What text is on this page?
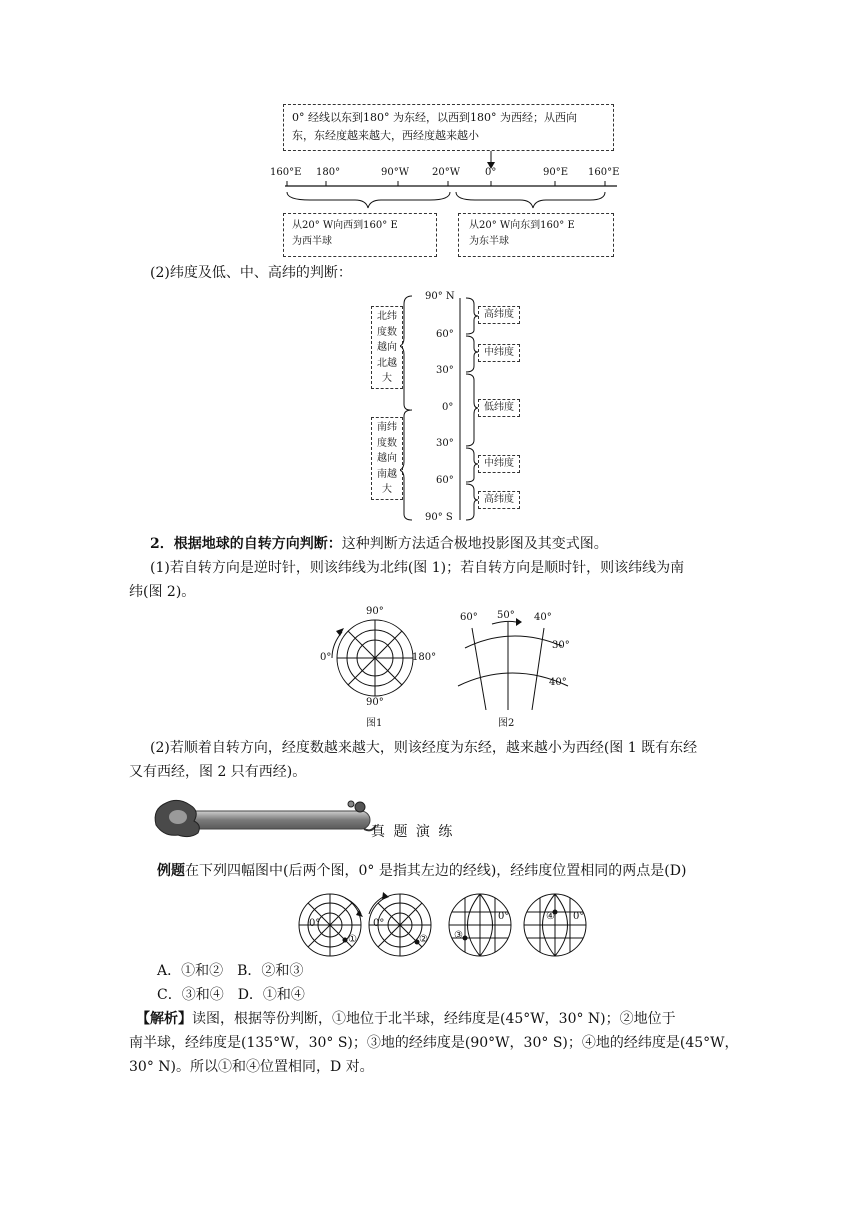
0° 经线以东到180° 为东经，以西到180° 为西经；从西向
东，东经度越来越大，西经度越来越小
160°E 180°	90°W 20°W 0°	90°E 160°E
从20° W向西到160° E
为西半球
从20° W向东到160° E
为东半球
(2)纬度及低、中、高纬的判断：
北纬
度数
越向
北越
大
南纬
度数
越向
南越
大
90° N
60°
30°
0°
30°
60°
90° S
高纬度
中纬度
低纬度
中纬度
高纬度
2．根据地球的自转方向判断：这种判断方法适合极地投影图及其变式图。
(1)若自转方向是逆时针，则该纬线为北纬(图 1)；若自转方向是顺时针，则该纬线为南
纬(图 2)。
90°
0°	180°
90°
图1
60° 50° 40°
30°
40°
图2
(2)若顺着自转方向，经度数越来越大，则该经度为东经，越来越小为西经(图 1 既有东经
又有西经，图 2 只有西经)。
真 题 演 练
例题在下列四幅图中(后两个图，0° 是指其左边的经线)，经纬度位置相同的两点是(D)
①	②	③
④
0°	0°
0°	0°
A．①和②　B．②和③
C．③和④　D．①和④
【解析】读图，根据等份判断，①地位于北半球，经纬度是(45°W，30° N)；②地位于
南半球，经纬度是(135°W，30° S)；③地的经纬度是(90°W，30° S)；④地的经纬度是(45°W，
30° N)。所以①和④位置相同，D 对。
